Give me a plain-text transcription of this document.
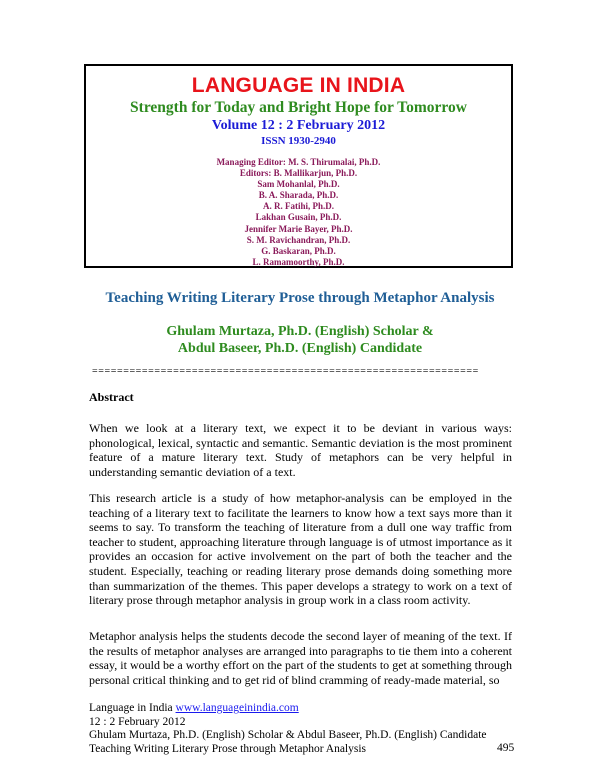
LANGUAGE IN INDIA
Strength for Today and Bright Hope for Tomorrow
Volume 12 : 2 February 2012
ISSN 1930-2940
Managing Editor: M. S. Thirumalai, Ph.D.
Editors: B. Mallikarjun, Ph.D.
Sam Mohanlal, Ph.D.
B. A. Sharada, Ph.D.
A. R. Fatihi, Ph.D.
Lakhan Gusain, Ph.D.
Jennifer Marie Bayer, Ph.D.
S. M. Ravichandran, Ph.D.
G. Baskaran, Ph.D.
L. Ramamoorthy, Ph.D.
Teaching Writing Literary Prose through Metaphor Analysis
Ghulam Murtaza, Ph.D. (English) Scholar &
Abdul Baseer, Ph.D. (English) Candidate
==============================================================
Abstract

When we look at a literary text, we expect it to be deviant in various ways: phonological, lexical, syntactic and semantic. Semantic deviation is the most prominent feature of a mature literary text. Study of metaphors can be very helpful in understanding semantic deviation of a text.

This research article is a study of how metaphor-analysis can be employed in the teaching of a literary text to facilitate the learners to know how a text says more than it seems to say. To transform the teaching of literature from a dull one way traffic from teacher to student, approaching literature through language is of utmost importance as it provides an occasion for active involvement on the part of both the teacher and the student. Especially, teaching or reading literary prose demands doing something more than summarization of the themes. This paper develops a strategy to work on a text of literary prose through metaphor analysis in group work in a class room activity.

Metaphor analysis helps the students decode the second layer of meaning of the text. If the results of metaphor analyses are arranged into paragraphs to tie them into a coherent essay, it would be a worthy effort on the part of the students to get at something through personal critical thinking and to get rid of blind cramming of ready-made material, so

Language in India www.languageinindia.com
12 : 2 February 2012
Ghulam Murtaza, Ph.D. (English) Scholar & Abdul Baseer, Ph.D. (English) Candidate
Teaching Writing Literary Prose through Metaphor Analysis	495
